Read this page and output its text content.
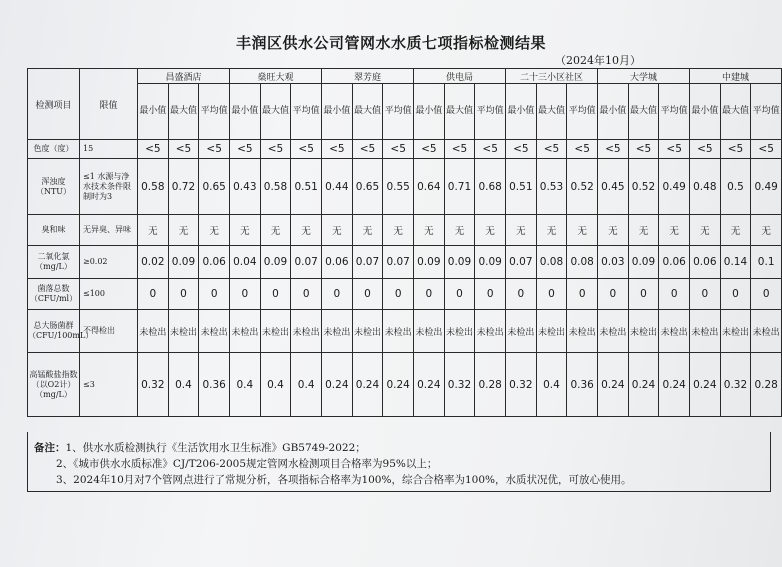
丰润区供水公司管网水水质七项指标检测结果
（2024年10月）
检测项目	限值	昌盛酒店			燊旺大观			翠芳庭			供电局			二十三小区社区			大学城			中建城		
		最小值	最大值	平均值	最小值	最大值	平均值	最小值	最大值	平均值	最小值	最大值	平均值	最小值	最大值	平均值	最小值	最大值	平均值	最小值	最大值	平均值
色度（度）	15	<5	<5	<5	<5	<5	<5	<5	<5	<5	<5	<5	<5	<5	<5	<5	<5	<5	<5	<5	<5	<5
浑浊度（NTU）	≤1 水源与净水技术条件限制时为3	0.58	0.72	0.65	0.43	0.58	0.51	0.44	0.65	0.55	0.64	0.71	0.68	0.51	0.53	0.52	0.45	0.52	0.49	0.48	0.5	0.49
臭和味	无异臭、异味	无	无	无	无	无	无	无	无	无	无	无	无	无	无	无	无	无	无	无	无	无
二氧化氯（mg/L）	≥0.02	0.02	0.09	0.06	0.04	0.09	0.07	0.06	0.07	0.07	0.09	0.09	0.09	0.07	0.08	0.08	0.03	0.09	0.06	0.06	0.14	0.1
菌落总数（CFU/ml）	≤100	0	0	0	0	0	0	0	0	0	0	0	0	0	0	0	0	0	0	0	0	0
总大肠菌群（CFU/100mL）	不得检出	未检出	未检出	未检出	未检出	未检出	未检出	未检出	未检出	未检出	未检出	未检出	未检出	未检出	未检出	未检出	未检出	未检出	未检出	未检出	未检出	未检出
高锰酸盐指数（以O2计）（mg/L）	≤3	0.32	0.4	0.36	0.4	0.4	0.4	0.24	0.24	0.24	0.24	0.32	0.28	0.32	0.4	0.36	0.24	0.24	0.24	0.24	0.32	0.28
备注：1、供水水质检测执行《生活饮用水卫生标准》GB5749-2022；
2、《城市供水水质标准》CJ/T206-2005规定管网水检测项目合格率为95%以上；
3、2024年10月对7个管网点进行了常规分析，各项指标合格率为100%，综合合格率为100%，水质状况优，可放心使用。
